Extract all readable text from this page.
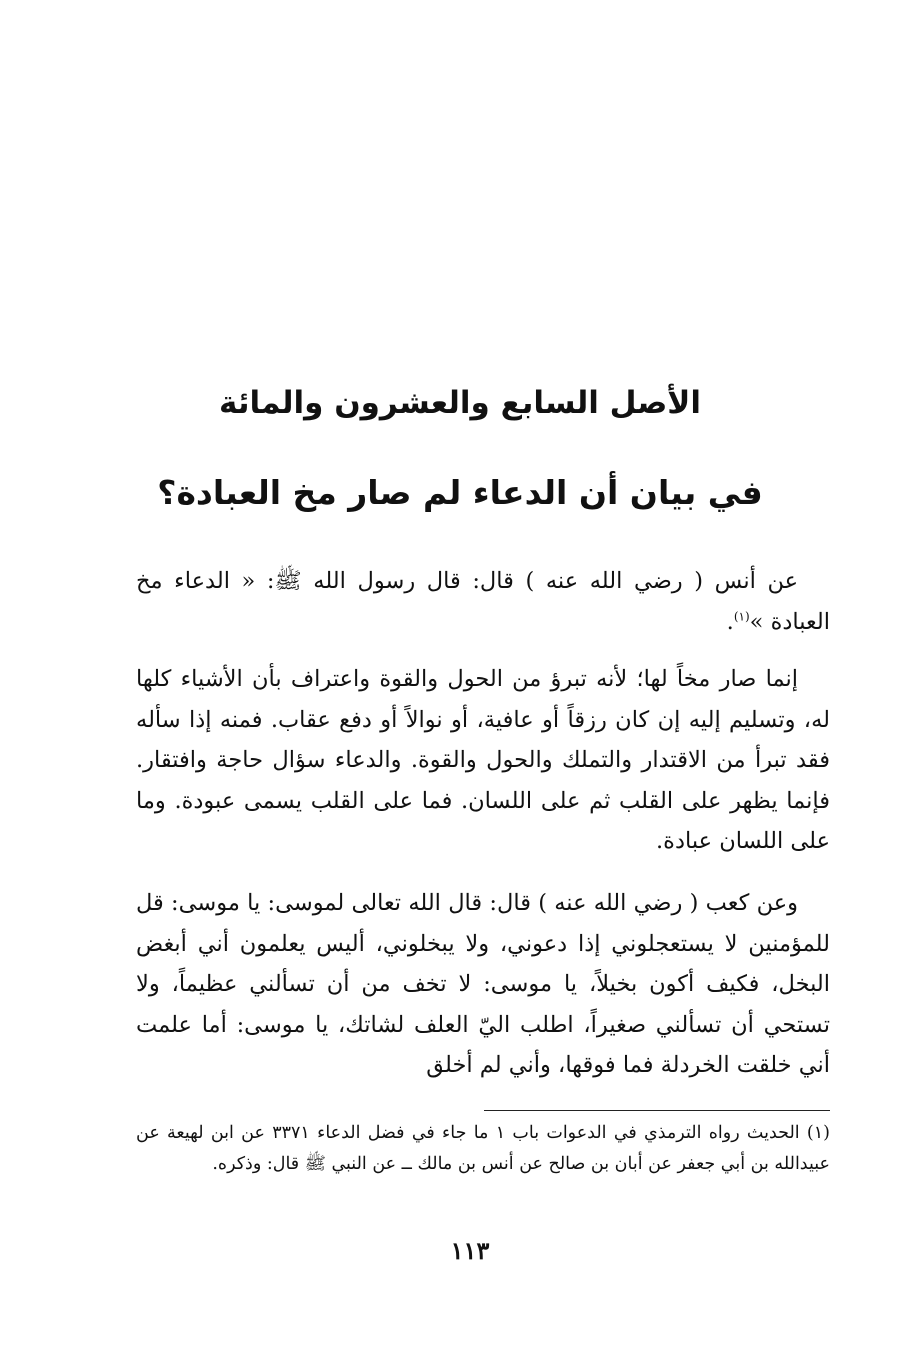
الأصل السابع والعشرون والمائة
في بيان أن الدعاء لم صار مخ العبادة؟

عن أنس ( رضي الله عنه ) قال: قال رسول الله ﷺ: « الدعاء مخ العبادة »$^{(١)}$.

إنما صار مخاً لها؛ لأنه تبرؤ من الحول والقوة واعتراف بأن الأشياء كلها له، وتسليم إليه إن كان رزقاً أو عافية، أو نوالاً أو دفع عقاب. فمنه إذا سأله فقد تبرأ من الاقتدار والتملك والحول والقوة. والدعاء سؤال حاجة وافتقار. فإنما يظهر على القلب ثم على اللسان. فما على القلب يسمى عبودة. وما على اللسان عبادة.

وعن كعب ( رضي الله عنه ) قال: قال الله تعالى لموسى: يا موسى: قل للمؤمنين لا يستعجلوني إذا دعوني، ولا يبخلوني، أليس يعلمون أني أبغض البخل، فكيف أكون بخيلاً، يا موسى: لا تخف من أن تسألني عظيماً، ولا تستحي أن تسألني صغيراً، اطلب اليّ العلف لشاتك، يا موسى: أما علمت أني خلقت الخردلة فما فوقها، وأني لم أخلق

(١) الحديث رواه الترمذي في الدعوات باب ١ ما جاء في فضل الدعاء ٣٣٧١ عن ابن لهيعة عن عبيدالله بن أبي جعفر عن أبان بن صالح عن أنس بن مالك ــ عن النبي ﷺ قال: وذكره.

١١٣
